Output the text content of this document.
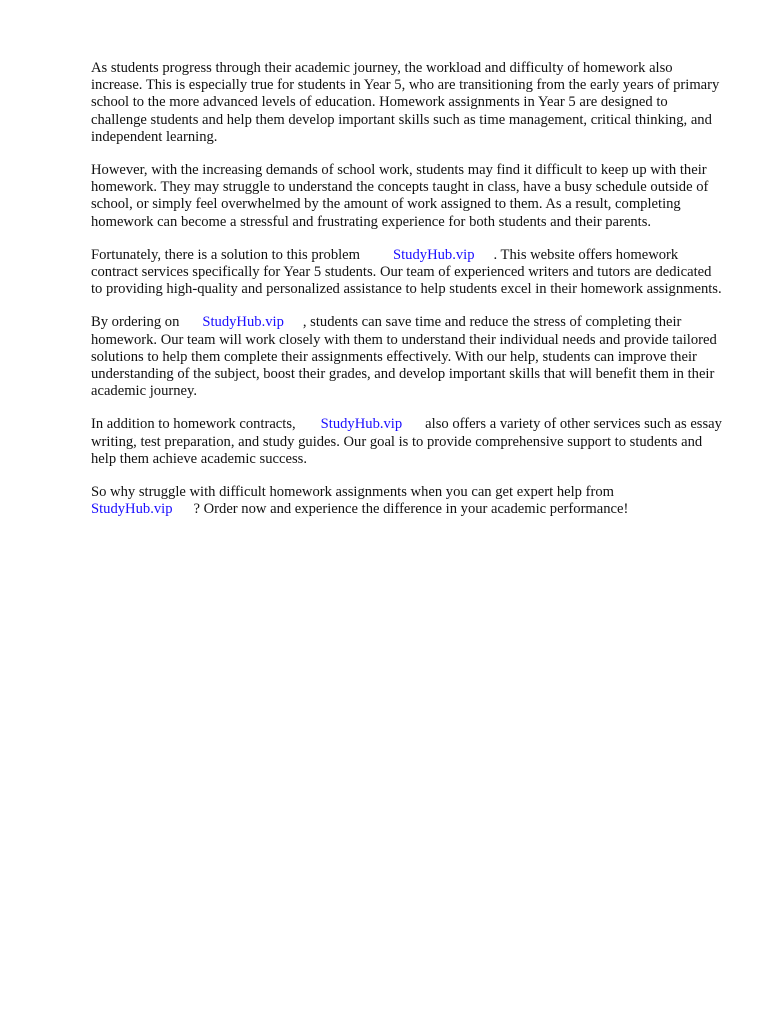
As students progress through their academic journey, the workload and difficulty of homework also increase. This is especially true for students in Year 5, who are transitioning from the early years of primary school to the more advanced levels of education. Homework assignments in Year 5 are designed to challenge students and help them develop important skills such as time management, critical thinking, and independent learning.

However, with the increasing demands of school work, students may find it difficult to keep up with their homework. They may struggle to understand the concepts taught in class, have a busy schedule outside of school, or simply feel overwhelmed by the amount of work assigned to them. As a result, completing homework can become a stressful and frustrating experience for both students and their parents.

Fortunately, there is a solution to this problem StudyHub.vip . This website offers homework contract services specifically for Year 5 students. Our team of experienced writers and tutors are dedicated to providing high-quality and personalized assistance to help students excel in their homework assignments.

By ordering on StudyHub.vip , students can save time and reduce the stress of completing their homework. Our team will work closely with them to understand their individual needs and provide tailored solutions to help them complete their assignments effectively. With our help, students can improve their understanding of the subject, boost their grades, and develop important skills that will benefit them in their academic journey.

In addition to homework contracts, StudyHub.vip also offers a variety of other services such as essay writing, test preparation, and study guides. Our goal is to provide comprehensive support to students and help them achieve academic success.

So why struggle with difficult homework assignments when you can get expert help from StudyHub.vip ? Order now and experience the difference in your academic performance!
